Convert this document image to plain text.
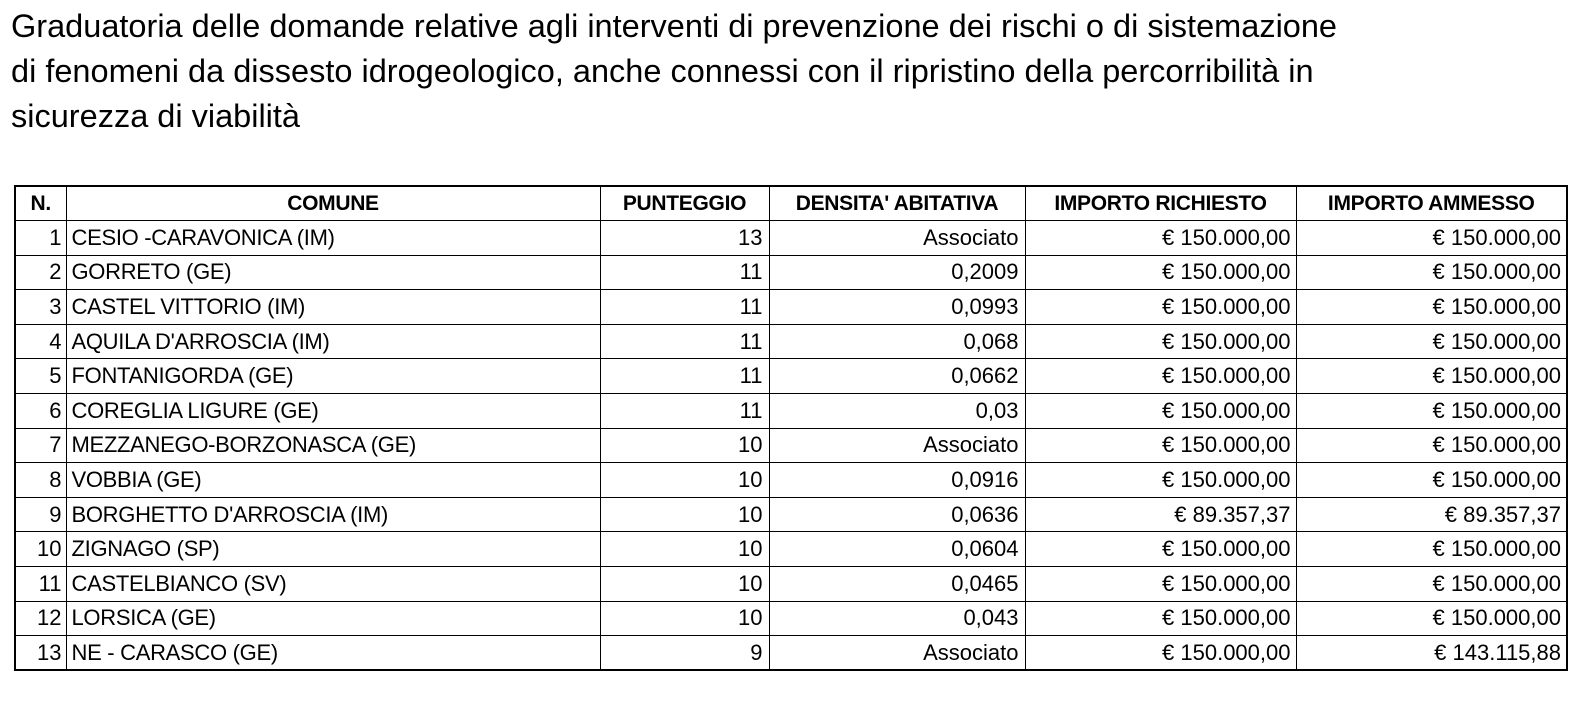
Graduatoria delle domande relative agli interventi di prevenzione dei rischi o di sistemazione
di fenomeni da dissesto idrogeologico, anche connessi con il ripristino della percorribilità in
sicurezza di viabilità
N.	COMUNE	PUNTEGGIO	DENSITA' ABITATIVA	IMPORTO RICHIESTO	IMPORTO AMMESSO
1	CESIO -CARAVONICA (IM)	13	Associato	€ 150.000,00	€ 150.000,00
2	GORRETO (GE)	11	0,2009	€ 150.000,00	€ 150.000,00
3	CASTEL VITTORIO (IM)	11	0,0993	€ 150.000,00	€ 150.000,00
4	AQUILA D'ARROSCIA (IM)	11	0,068	€ 150.000,00	€ 150.000,00
5	FONTANIGORDA (GE)	11	0,0662	€ 150.000,00	€ 150.000,00
6	COREGLIA LIGURE (GE)	11	0,03	€ 150.000,00	€ 150.000,00
7	MEZZANEGO-BORZONASCA (GE)	10	Associato	€ 150.000,00	€ 150.000,00
8	VOBBIA (GE)	10	0,0916	€ 150.000,00	€ 150.000,00
9	BORGHETTO D'ARROSCIA (IM)	10	0,0636	€ 89.357,37	€ 89.357,37
10	ZIGNAGO (SP)	10	0,0604	€ 150.000,00	€ 150.000,00
11	CASTELBIANCO (SV)	10	0,0465	€ 150.000,00	€ 150.000,00
12	LORSICA (GE)	10	0,043	€ 150.000,00	€ 150.000,00
13	NE - CARASCO (GE)	9	Associato	€ 150.000,00	€ 143.115,88
